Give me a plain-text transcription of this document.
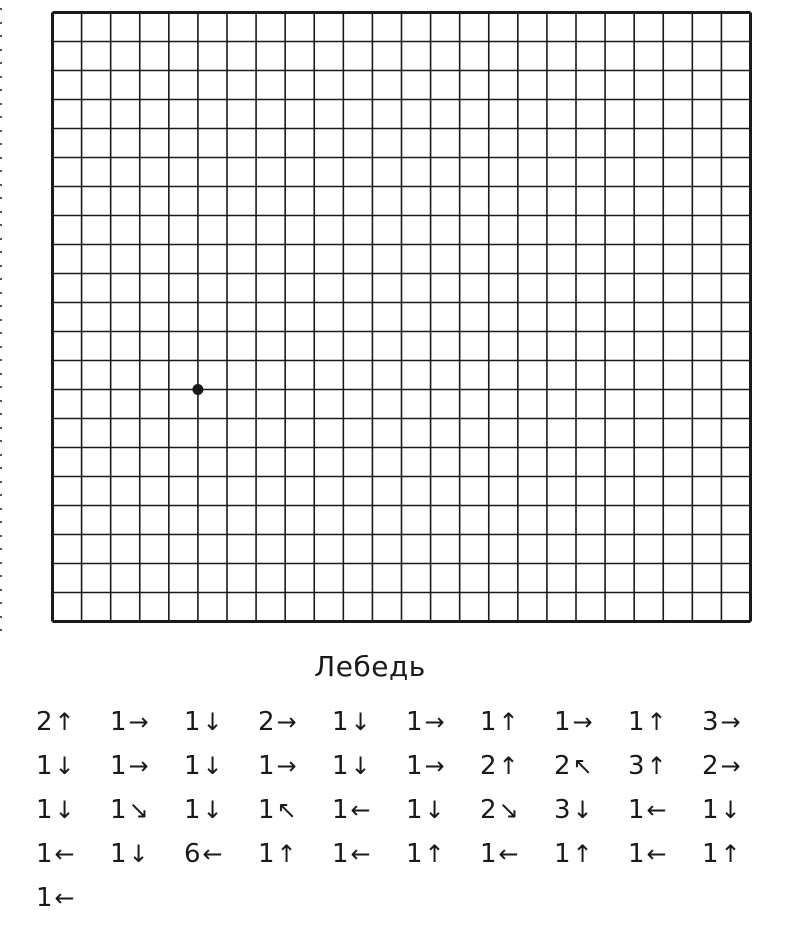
Лебедь
2↑	1→	1↓	2→	1↓	1→	1↑	1→	1↑	3→
1↓	1→	1↓	1→	1↓	1→	2↑	2↖	3↑	2→
1↓	1↘	1↓	1↖	1←	1↓	2↘	3↓	1←	1↓
1←	1↓	6←	1↑	1←	1↑	1←	1↑	1←	1↑
1←
